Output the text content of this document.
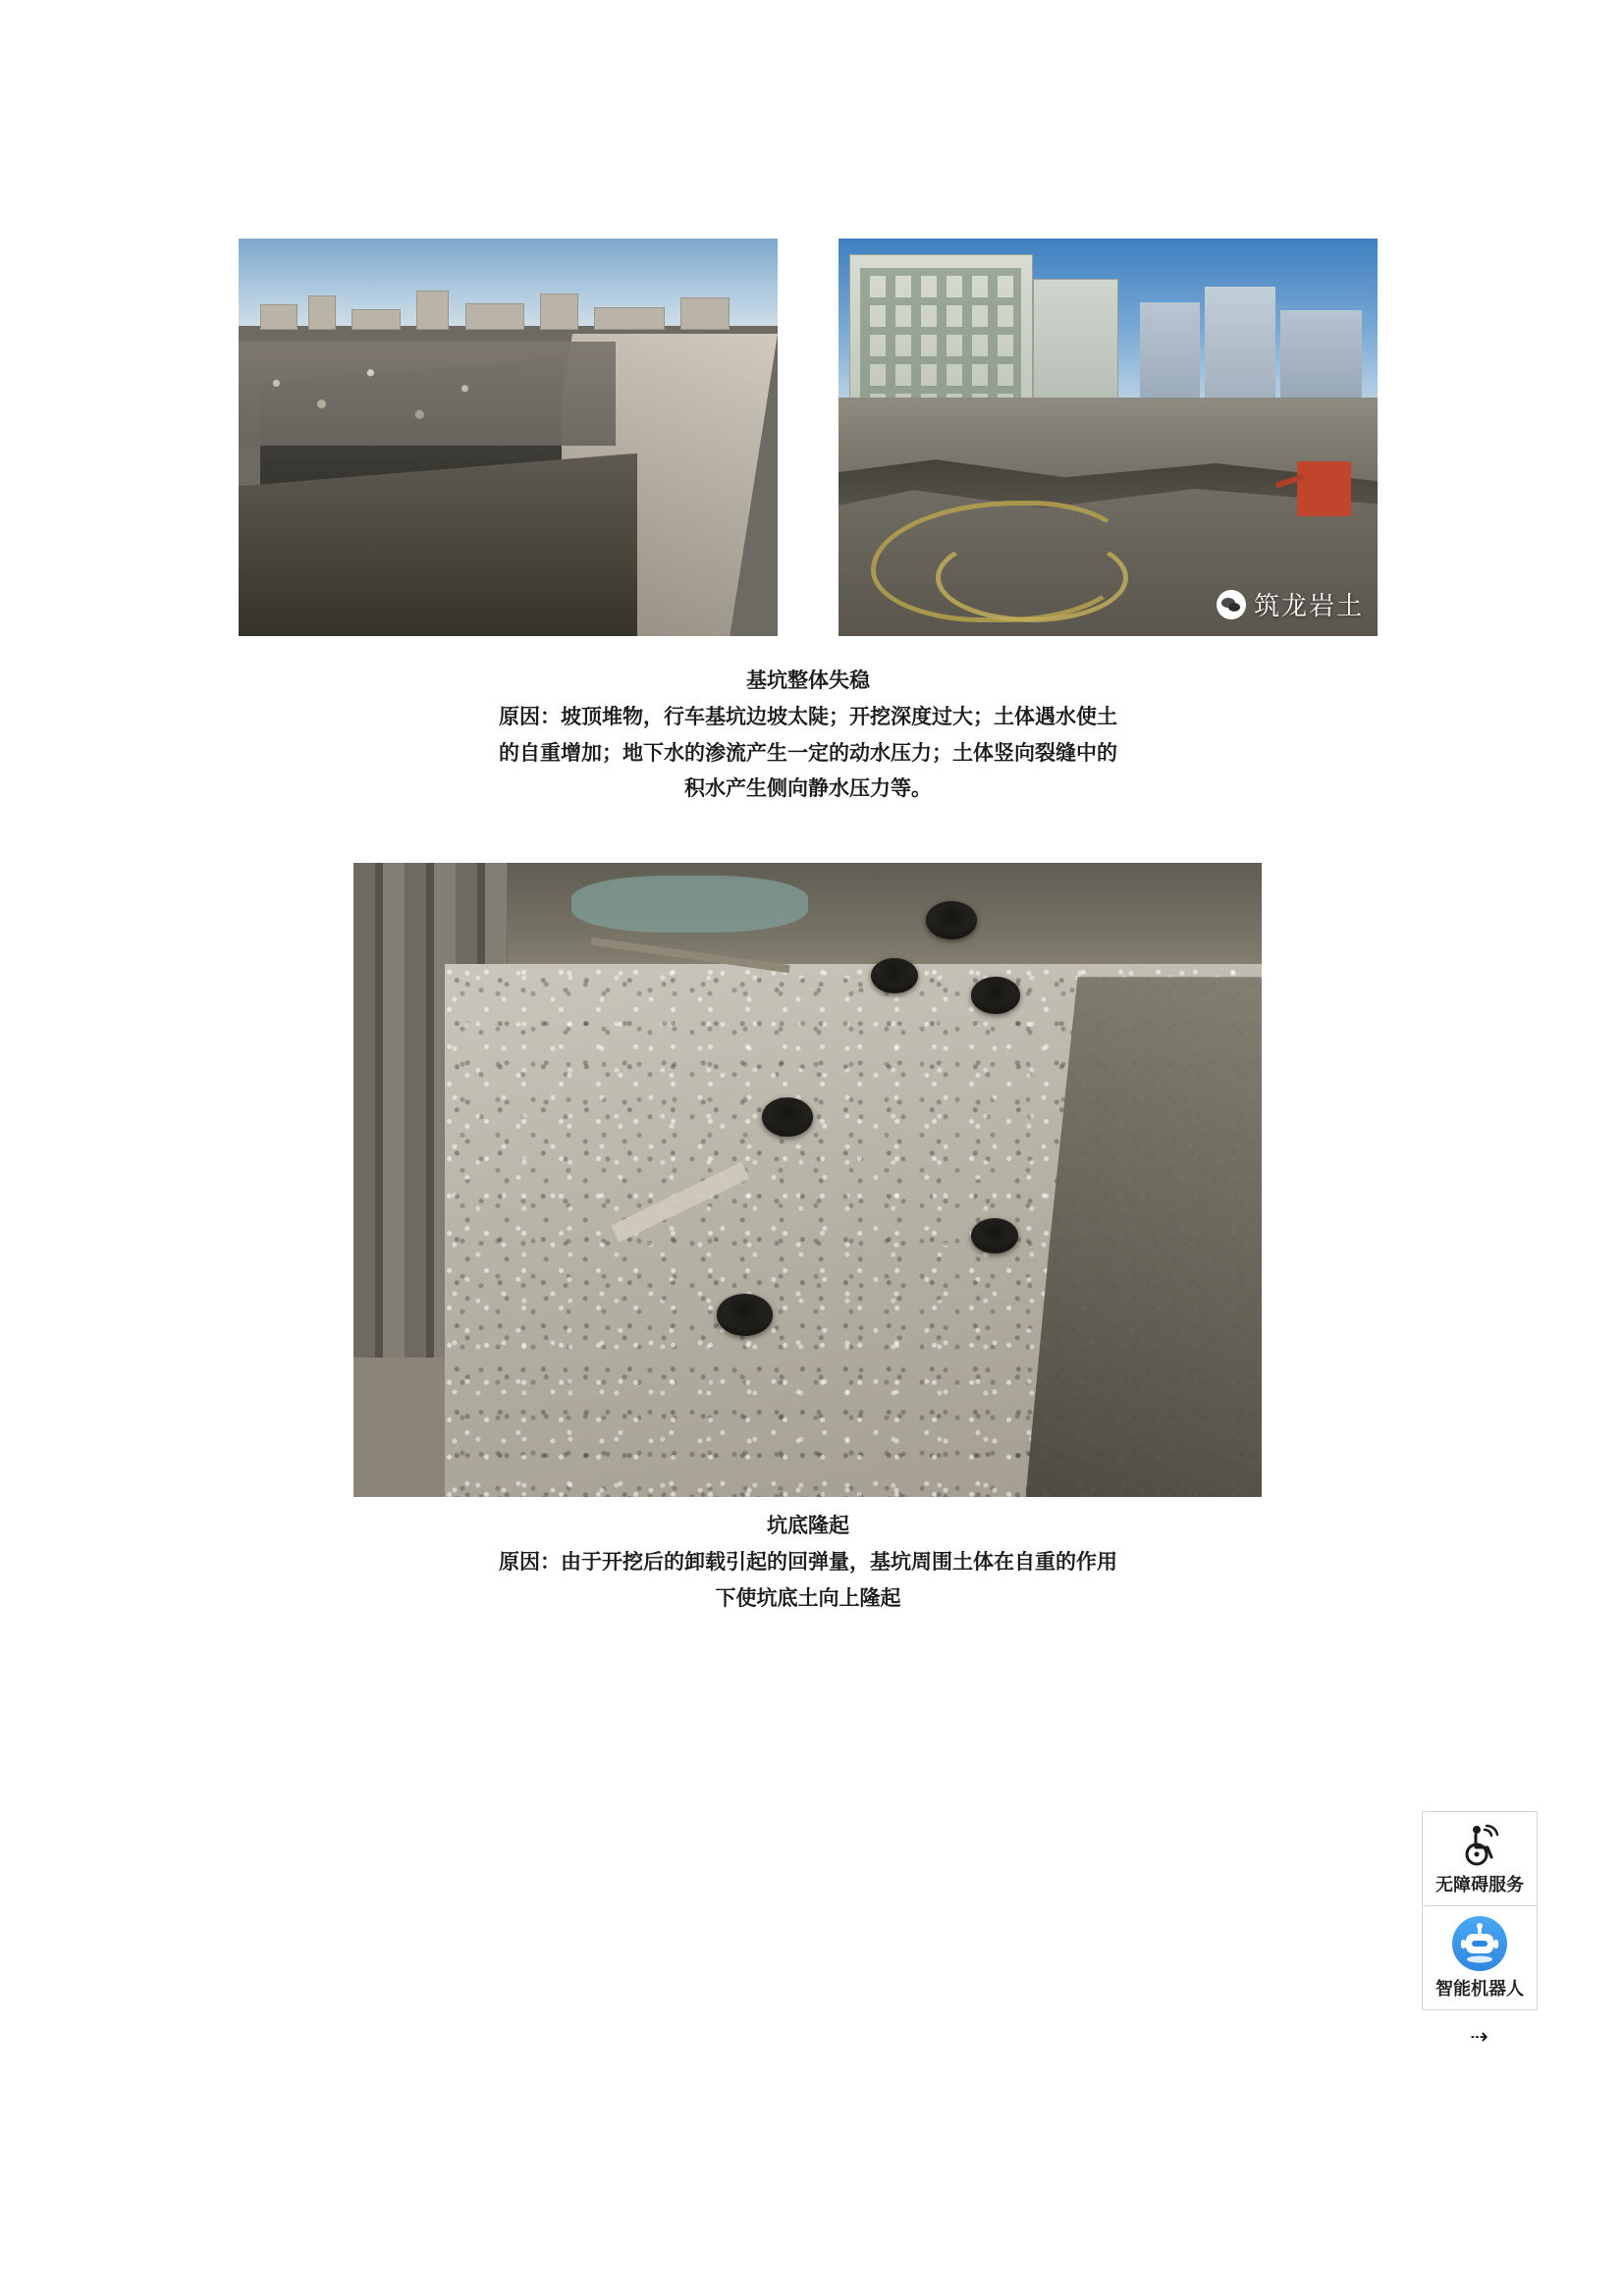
筑龙岩土
基坑整体失稳
原因：坡顶堆物，行车基坑边坡太陡；开挖深度过大；土体遇水使土
的自重增加；地下水的渗流产生一定的动水压力；土体竖向裂缝中的
积水产生侧向静水压力等。
坑底隆起
原因：由于开挖后的卸载引起的回弹量，基坑周围土体在自重的作用
下使坑底土向上隆起
无障碍服务
智能机器人
⇢
